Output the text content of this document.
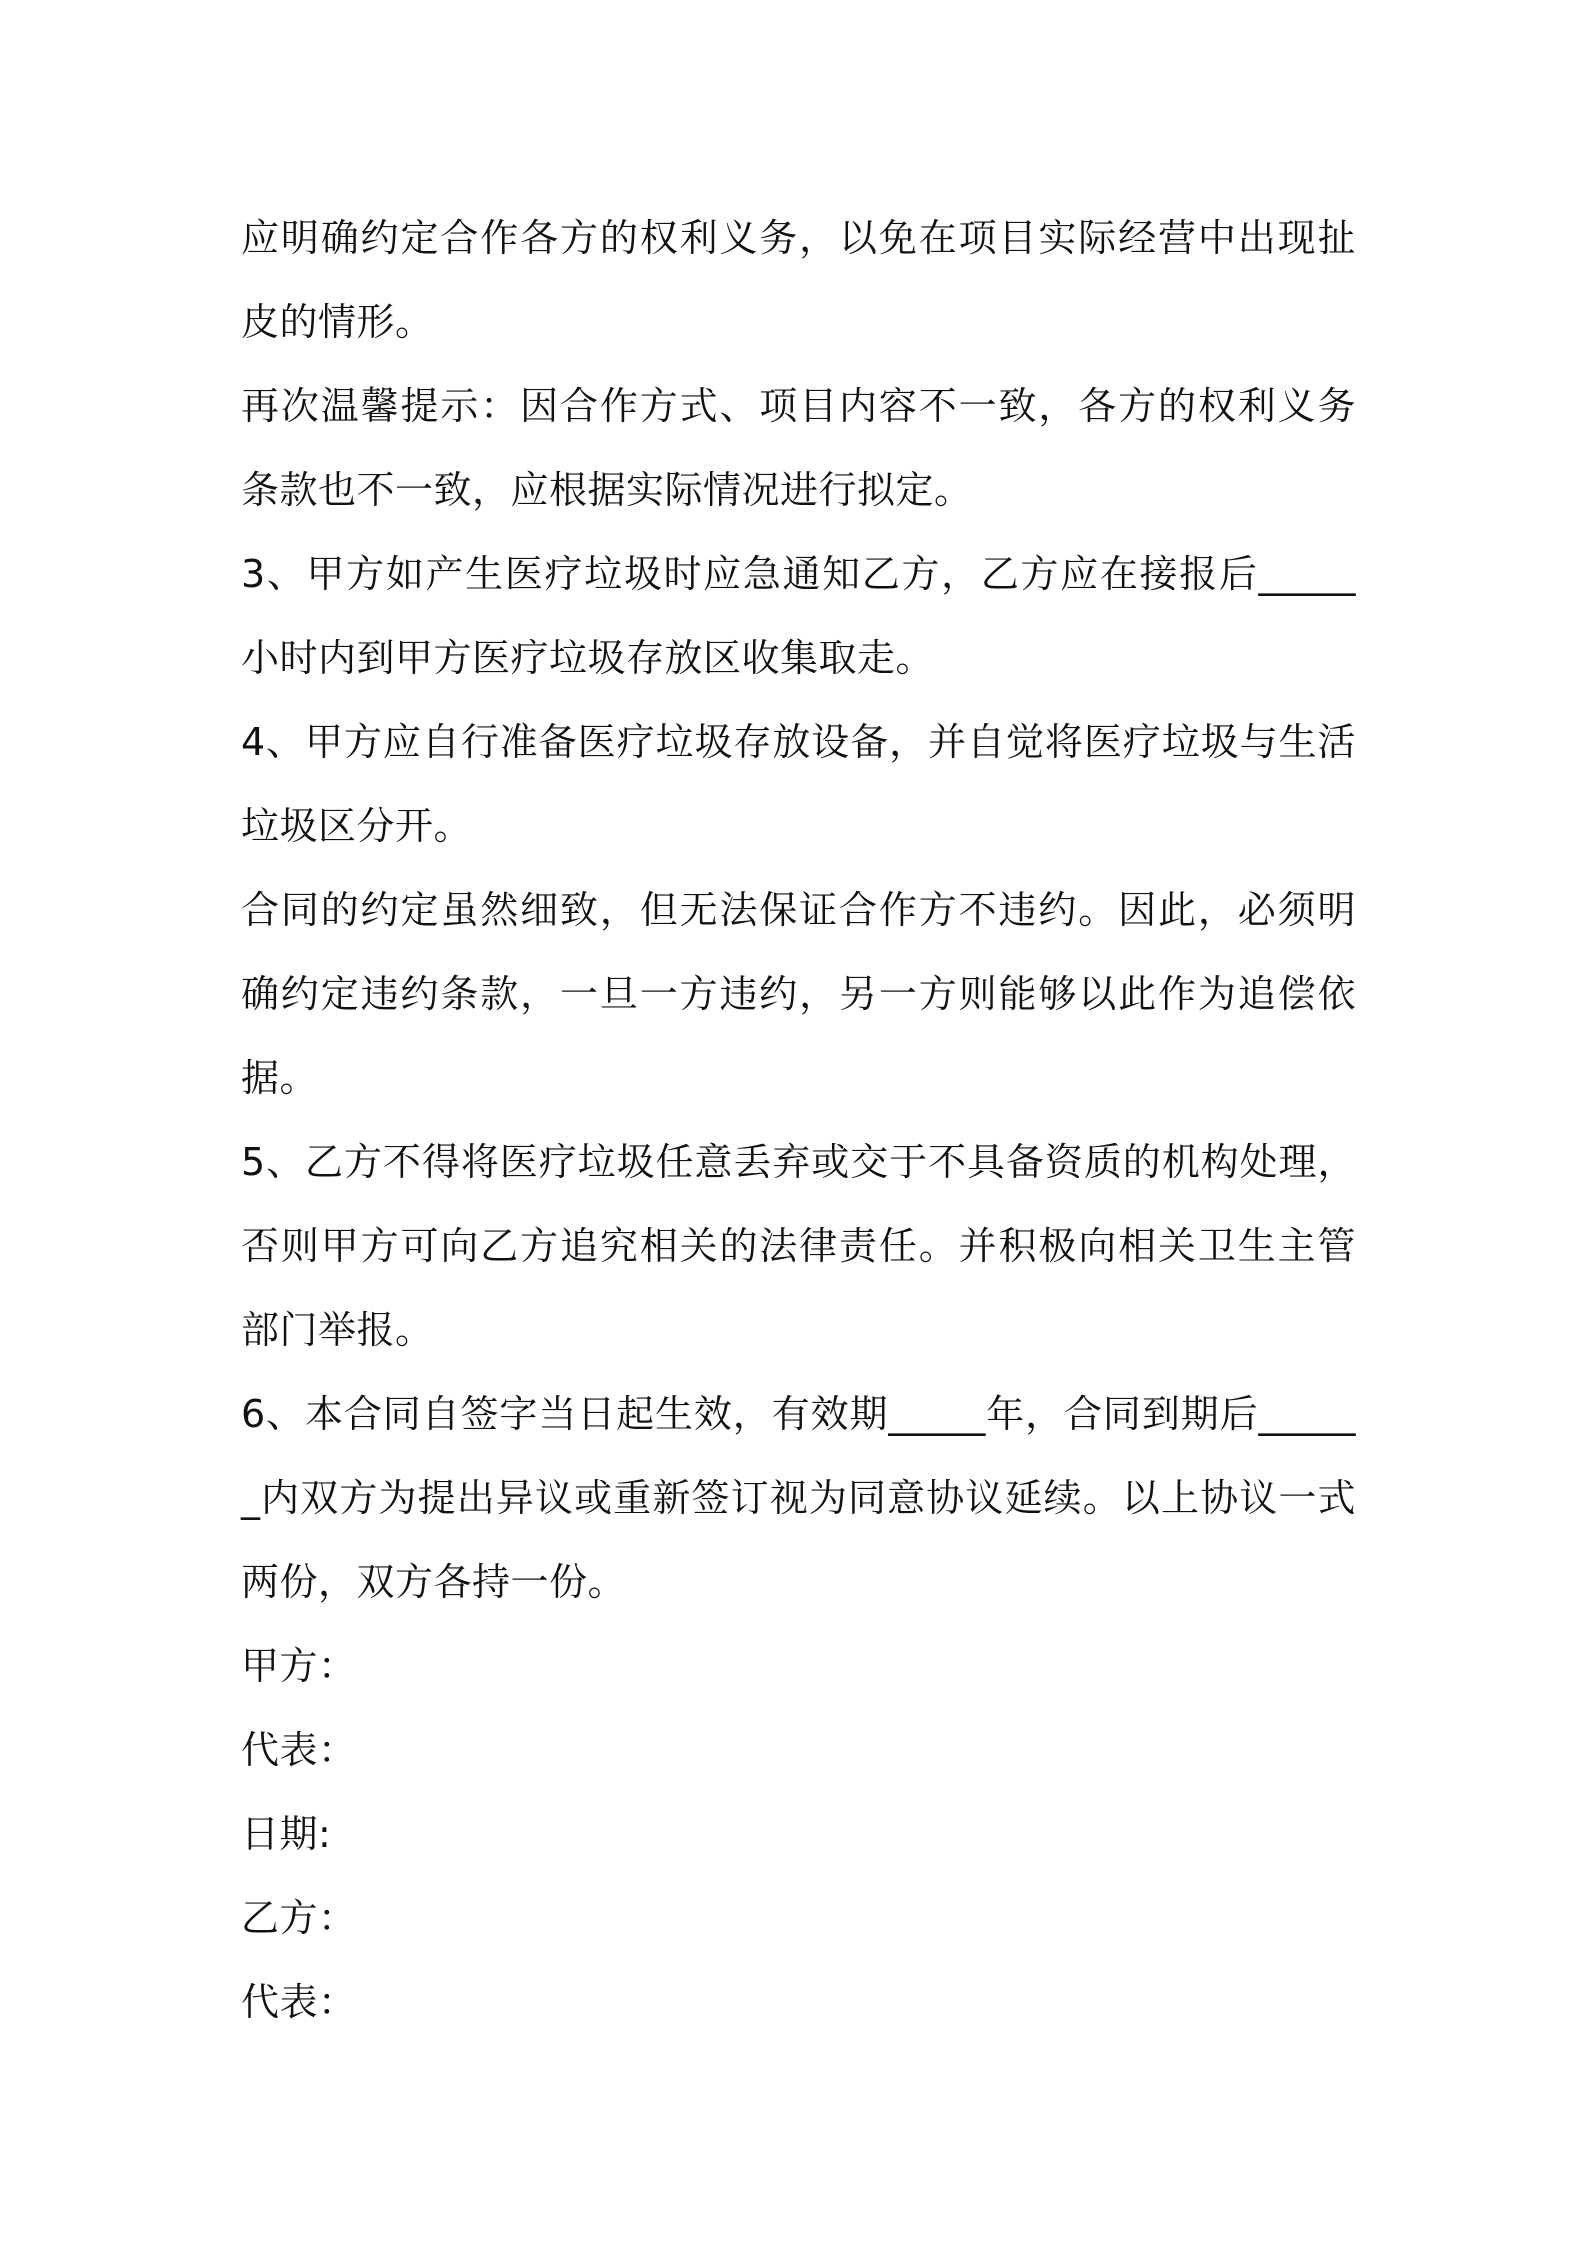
应明确约定合作各方的权利义务，以免在项目实际经营中出现扯皮的情形。

再次温馨提示：因合作方式、项目内容不一致，各方的权利义务条款也不一致，应根据实际情况进行拟定。

3、甲方如产生医疗垃圾时应急通知乙方，乙方应在接报后_____小时内到甲方医疗垃圾存放区收集取走。

4、甲方应自行准备医疗垃圾存放设备，并自觉将医疗垃圾与生活垃圾区分开。

合同的约定虽然细致，但无法保证合作方不违约。因此，必须明确约定违约条款，一旦一方违约，另一方则能够以此作为追偿依据。

5、乙方不得将医疗垃圾任意丢弃或交于不具备资质的机构处理，否则甲方可向乙方追究相关的法律责任。并积极向相关卫生主管部门举报。

6、本合同自签字当日起生效，有效期_____年，合同到期后______内双方为提出异议或重新签订视为同意协议延续。以上协议一式两份，双方各持一份。

甲方：

代表：

日期:

乙方：

代表：
